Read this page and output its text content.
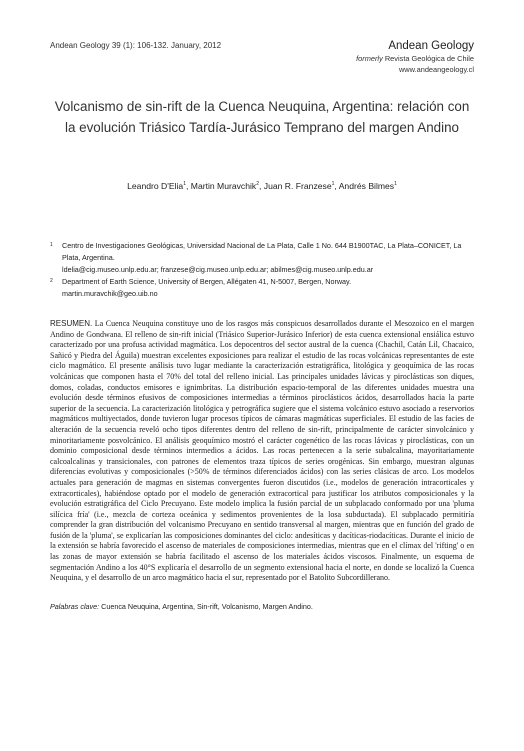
Andean Geology 39 (1): 106-132. January, 2012	Andean Geology
formerly Revista Geológica de Chile
www.andeangeology.cl
Volcanismo de sin-rift de la Cuenca Neuquina, Argentina: relación con la evolución Triásico Tardía-Jurásico Temprano del margen Andino
Leandro D'Elia$^1$, Martin Muravchik$^2$, Juan R. Franzese$^1$, Andrés Bilmes$^1$
1 Centro de Investigaciones Geológicas, Universidad Nacional de La Plata, Calle 1 No. 644 B1900TAC, La Plata–CONICET, La Plata, Argentina.
ldelia@cig.museo.unlp.edu.ar; franzese@cig.museo.unlp.edu.ar; abilmes@cig.museo.unlp.edu.ar
2 Department of Earth Science, University of Bergen, Allégaten 41, N-5007, Bergen, Norway.
martin.muravchik@geo.uib.no

RESUMEN. La Cuenca Neuquina constituye uno de los rasgos más conspicuos desarrollados durante el Mesozoico en el margen Andino de Gondwana. El relleno de sin-rift inicial (Triásico Superior-Jurásico Inferior) de esta cuenca extensional ensiálica estuvo caracterizado por una profusa actividad magmática. Los depocentros del sector austral de la cuenca (Chachil, Catán Lil, Chacaico, Sañicó y Piedra del Águila) muestran excelentes exposiciones para realizar el estudio de las rocas volcánicas representantes de este ciclo magmático. El presente análisis tuvo lugar mediante la caracterización estratigráfica, litológica y geoquímica de las rocas volcánicas que componen hasta el 70% del total del relleno inicial. Las principales unidades lávicas y piroclásticas son diques, domos, coladas, conductos emisores e ignimbritas. La distribución espacio-temporal de las diferentes unidades muestra una evolución desde términos efusivos de composiciones intermedias a términos piroclásticos ácidos, desarrollados hacia la parte superior de la secuencia. La caracterización litológica y petrográfica sugiere que el sistema volcánico estuvo asociado a reservorios magmáticos multiyectados, donde tuvieron lugar procesos típicos de cámaras magmáticas superficiales. El estudio de las facies de alteración de la secuencia reveló ocho tipos diferentes dentro del relleno de sin-rift, principalmente de carácter sinvolcánico y minoritariamente posvolcánico. El análisis geoquímico mostró el carácter cogenético de las rocas lávicas y piroclásticas, con un dominio composicional desde términos intermedios a ácidos. Las rocas pertenecen a la serie subalcalina, mayoritariamente calcoalcalinas y transicionales, con patrones de elementos traza típicos de series orogénicas. Sin embargo, muestran algunas diferencias evolutivas y composicionales (>50% de términos diferenciados ácidos) con las series clásicas de arco. Los modelos actuales para generación de magmas en sistemas convergentes fueron discutidos (i.e., modelos de generación intracorticales y extracorticales), habiéndose optado por el modelo de generación extracortical para justificar los atributos composicionales y la evolución estratigráfica del Ciclo Precuyano. Este modelo implica la fusión parcial de un subplacado conformado por una 'pluma silícica fría' (i.e., mezcla de corteza oceánica y sedimentos provenientes de la losa subductada). El subplacado permitiría comprender la gran distribución del volcanismo Precuyano en sentido transversal al margen, mientras que en función del grado de fusión de la 'pluma', se explicarían las composiciones dominantes del ciclo: andesíticas y dacíticas-riodacíticas. Durante el inicio de la extensión se habría favorecido el ascenso de materiales de composiciones intermedias, mientras que en el clímax del 'rifting' o en las zonas de mayor extensión se habría facilitado el ascenso de los materiales ácidos viscosos. Finalmente, un esquema de segmentación Andino a los 40°S explicaría el desarrollo de un segmento extensional hacia el norte, en donde se localizó la Cuenca Neuquina, y el desarrollo de un arco magmático hacia el sur, representado por el Batolito Subcordillerano.

Palabras clave: Cuenca Neuquina, Argentina, Sin-rift, Volcanismo, Margen Andino.
